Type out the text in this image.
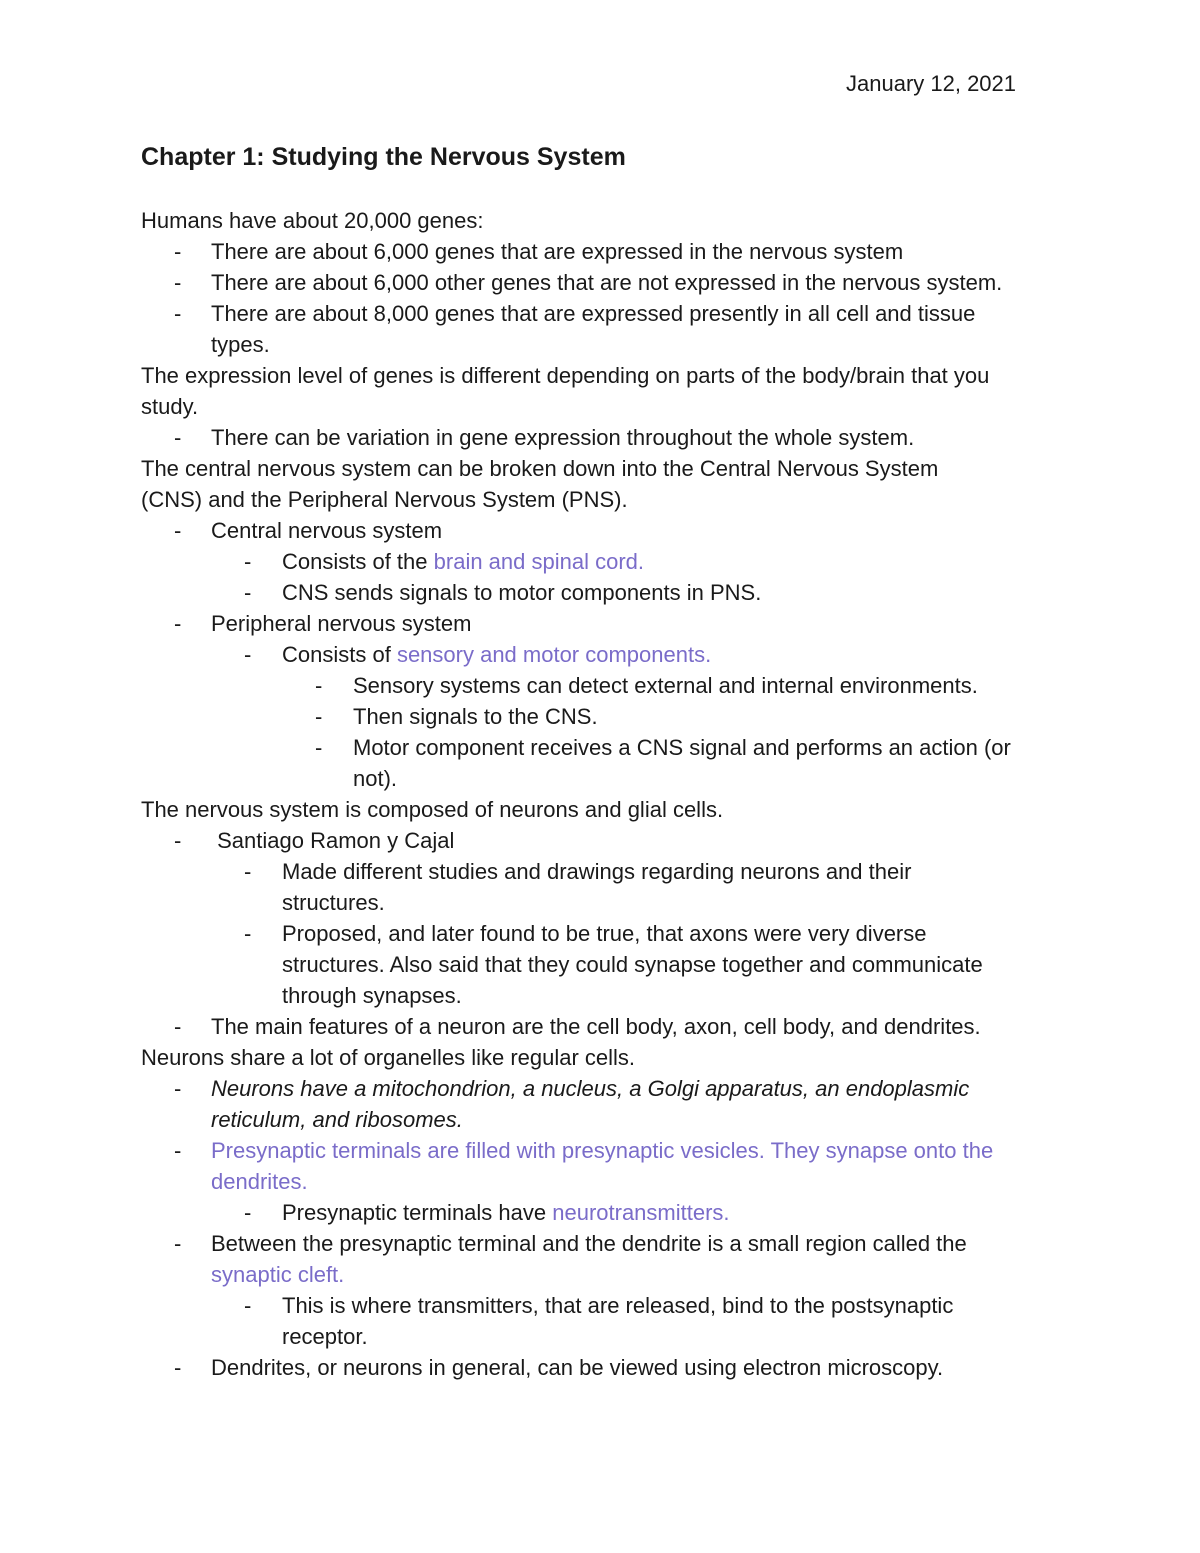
January 12, 2021
Chapter 1: Studying the Nervous System
Humans have about 20,000 genes:
-	There are about 6,000 genes that are expressed in the nervous system
-	There are about 6,000 other genes that are not expressed in the nervous system.
-	There are about 8,000 genes that are expressed presently in all cell and tissue
types.
The expression level of genes is different depending on parts of the body/brain that you
study.
-	There can be variation in gene expression throughout the whole system.
The central nervous system can be broken down into the Central Nervous System
(CNS) and the Peripheral Nervous System (PNS).
-	Central nervous system
-	Consists of the brain and spinal cord.
-	CNS sends signals to motor components in PNS.
-	Peripheral nervous system
-	Consists of sensory and motor components.
-	Sensory systems can detect external and internal environments.
-	Then signals to the CNS.
-	Motor component receives a CNS signal and performs an action (or
not).
The nervous system is composed of neurons and glial cells.
-	Santiago Ramon y Cajal
-	Made different studies and drawings regarding neurons and their
structures.
-	Proposed, and later found to be true, that axons were very diverse
structures. Also said that they could synapse together and communicate
through synapses.
-	The main features of a neuron are the cell body, axon, cell body, and dendrites.
Neurons share a lot of organelles like regular cells.
-	Neurons have a mitochondrion, a nucleus, a Golgi apparatus, an endoplasmic
reticulum, and ribosomes.
-	Presynaptic terminals are filled with presynaptic vesicles. They synapse onto the
dendrites.
-	Presynaptic terminals have neurotransmitters.
-	Between the presynaptic terminal and the dendrite is a small region called the
synaptic cleft.
-	This is where transmitters, that are released, bind to the postsynaptic
receptor.
-	Dendrites, or neurons in general, can be viewed using electron microscopy.
